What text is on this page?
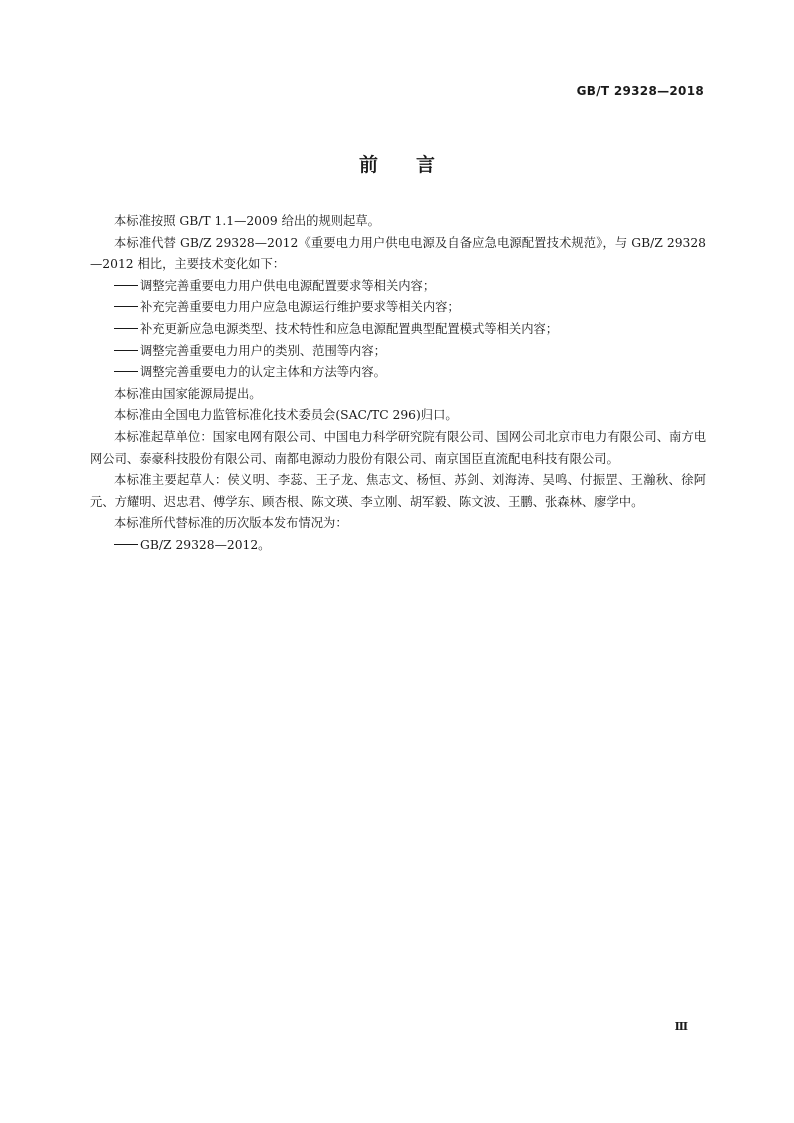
GB/T 29328—2018
前言

本标准按照 GB/T 1.1—2009 给出的规则起草。

本标准代替 GB/Z 29328—2012《重要电力用户供电电源及自备应急电源配置技术规范》，与 GB/Z 29328—2012 相比，主要技术变化如下：

调整完善重要电力用户供电电源配置要求等相关内容；

补充完善重要电力用户应急电源运行维护要求等相关内容；

补充更新应急电源类型、技术特性和应急电源配置典型配置模式等相关内容；

调整完善重要电力用户的类别、范围等内容；

调整完善重要电力的认定主体和方法等内容。

本标准由国家能源局提出。

本标准由全国电力监管标准化技术委员会(SAC/TC 296)归口。

本标准起草单位：国家电网有限公司、中国电力科学研究院有限公司、国网公司北京市电力有限公司、南方电网公司、泰豪科技股份有限公司、南都电源动力股份有限公司、南京国臣直流配电科技有限公司。

本标准主要起草人：侯义明、李蕊、王子龙、焦志文、杨恒、苏剑、刘海涛、吴鸣、付振罡、王瀚秋、徐阿元、方耀明、迟忠君、傅学东、顾杏根、陈文瑛、李立刚、胡军毅、陈文波、王鹏、张森林、廖学中。

本标准所代替标准的历次版本发布情况为：

GB/Z 29328—2012。

Ⅲ
